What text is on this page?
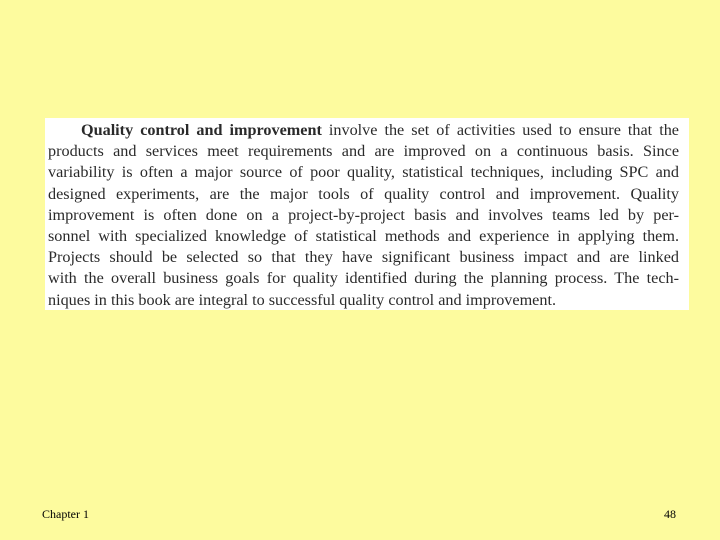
Quality control and improvement involve the set of activities used to ensure that the
products and services meet requirements and are improved on a continuous basis. Since
variability is often a major source of poor quality, statistical techniques, including SPC and
designed experiments, are the major tools of quality control and improvement. Quality
improvement is often done on a project-by-project basis and involves teams led by per-
sonnel with specialized knowledge of statistical methods and experience in applying them.
Projects should be selected so that they have significant business impact and are linked
with the overall business goals for quality identified during the planning process. The tech-
niques in this book are integral to successful quality control and improvement.
Chapter 1	48
